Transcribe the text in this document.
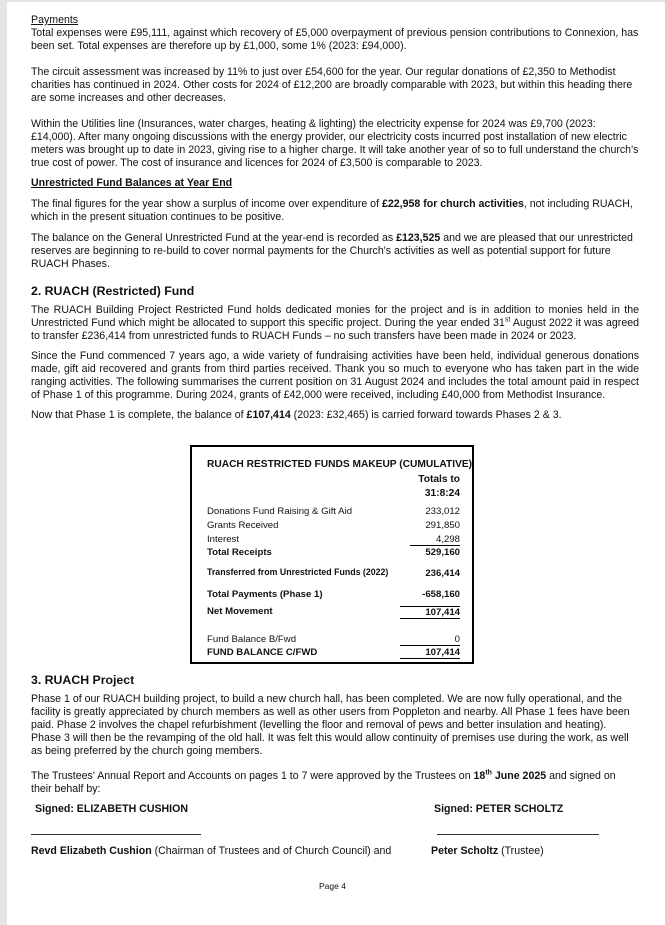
Payments

Total expenses were £95,111, against which recovery of £5,000 overpayment of previous pension contributions to Connexion, has been set. Total expenses are therefore up by £1,000, some 1% (2023: £94,000).

The circuit assessment was increased by 11% to just over £54,600 for the year. Our regular donations of £2,350 to Methodist charities has continued in 2024. Other costs for 2024 of £12,200 are broadly comparable with 2023, but within this heading there are some increases and other decreases.

Within the Utilities line (Insurances, water charges, heating & lighting) the electricity expense for 2024 was £9,700 (2023: £14,000). After many ongoing discussions with the energy provider, our electricity costs incurred post installation of new electric meters was brought up to date in 2023, giving rise to a higher charge. It will take another year of so to full understand the church's true cost of power. The cost of insurance and licences for 2024 of £3,500 is comparable to 2023.

Unrestricted Fund Balances at Year End

The final figures for the year show a surplus of income over expenditure of £22,958 for church activities, not including RUACH, which in the present situation continues to be positive.

The balance on the General Unrestricted Fund at the year-end is recorded as £123,525 and we are pleased that our unrestricted reserves are beginning to re-build to cover normal payments for the Church's activities as well as potential support for future RUACH Phases.

2. RUACH (Restricted) Fund

The RUACH Building Project Restricted Fund holds dedicated monies for the project and is in addition to monies held in the Unrestricted Fund which might be allocated to support this specific project. During the year ended 31st August 2022 it was agreed to transfer £236,414 from unrestricted funds to RUACH Funds – no such transfers have been made in 2024 or 2023.

Since the Fund commenced 7 years ago, a wide variety of fundraising activities have been held, individual generous donations made, gift aid recovered and grants from third parties received. Thank you so much to everyone who has taken part in the wide ranging activities. The following summarises the current position on 31 August 2024 and includes the total amount paid in respect of Phase 1 of this programme. During 2024, grants of £42,000 were received, including £40,000 from Methodist Insurance.

Now that Phase 1 is complete, the balance of £107,414 (2023: £32,465) is carried forward towards Phases 2 & 3.

RUACH RESTRICTED FUNDS MAKEUP (CUMULATIVE)
Totals to
31:8:24
Donations Fund Raising & Gift Aid	233,012
Grants Received	291,850
Interest	4,298
Total Receipts	529,160
Transferred from Unrestricted Funds (2022)	236,414
Total Payments (Phase 1)	-658,160
Net Movement	107,414
Fund Balance B/Fwd	0
FUND BALANCE C/FWD	107,414

3. RUACH Project

Phase 1 of our RUACH building project, to build a new church hall, has been completed. We are now fully operational, and the facility is greatly appreciated by church members as well as other users from Poppleton and nearby. All Phase 1 fees have been paid. Phase 2 involves the chapel refurbishment (levelling the floor and removal of pews and better insulation and heating). Phase 3 will then be the revamping of the old hall. It was felt this would allow continuity of premises use during the work, as well as being preferred by the church going members.

The Trustees' Annual Report and Accounts on pages 1 to 7 were approved by the Trustees on 18th June 2025 and signed on their behalf by:

Signed: ELIZABETH CUSHION	Signed: PETER SCHOLTZ
Revd Elizabeth Cushion (Chairman of Trustees and of Church Council) and	Peter Scholtz (Trustee)
Page 4
